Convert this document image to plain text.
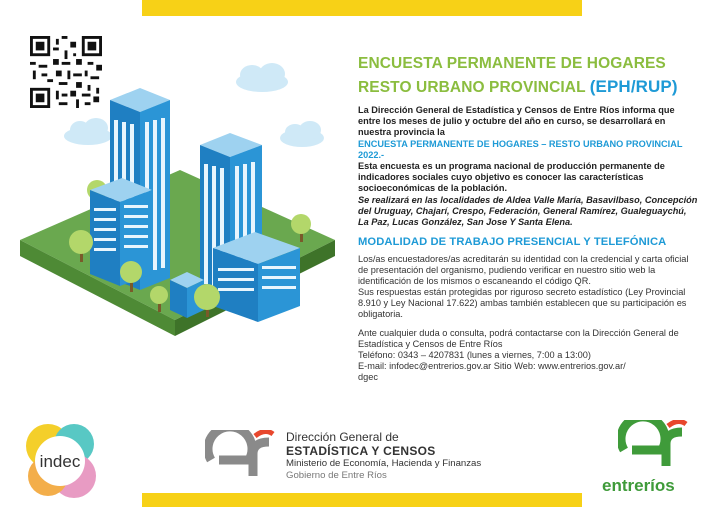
ENCUESTA PERMANENTE DE HOGARES

RESTO URBANO PROVINCIAL (EPH/RUP)

La Dirección General de Estadística y Censos de Entre Ríos informa que entre los meses de julio y octubre del año en curso, se desarrollará en nuestra provincia la
ENCUESTA PERMANENTE DE HOGARES – RESTO URBANO PROVINCIAL 2022.-
Esta encuesta es un programa nacional de producción permanente de indicadores sociales cuyo objetivo es conocer las características socioeconómicas de la población.
Se realizará en las localidades de Aldea Valle María, Basavilbaso, Concepción del Uruguay, Chajarí, Crespo, Federación, General Ramírez, Gualeguaychú, La Paz, Lucas González, San Jose Y Santa Elena.

MODALIDAD DE TRABAJO PRESENCIAL Y TELEFÓNICA

Los/as encuestadores/as acreditarán su identidad con la credencial y carta oficial de presentación del organismo, pudiendo verificar en nuestro sitio web la identificación de los mismos o escaneando el código QR.

Sus respuestas están protegidas por riguroso secreto estadístico (Ley Provincial 8.910 y Ley Nacional 17.622) ambas también establecen que su participación es obligatoria.

Ante cualquier duda o consulta, podrá contactarse con la Dirección General de Estadística y Censos de Entre Ríos

Teléfono: 0343 – 4207831 (lunes a viernes, 7:00 a 13:00)

E-mail: infodec@entrerios.gov.ar Sitio Web: www.entrerios.gov.ar/

dgec

indec

Dirección General de

ESTADÍSTICA Y CENSOS

Ministerio de Economía, Hacienda y Finanzas

Gobierno de Entre Ríos

entreríos
